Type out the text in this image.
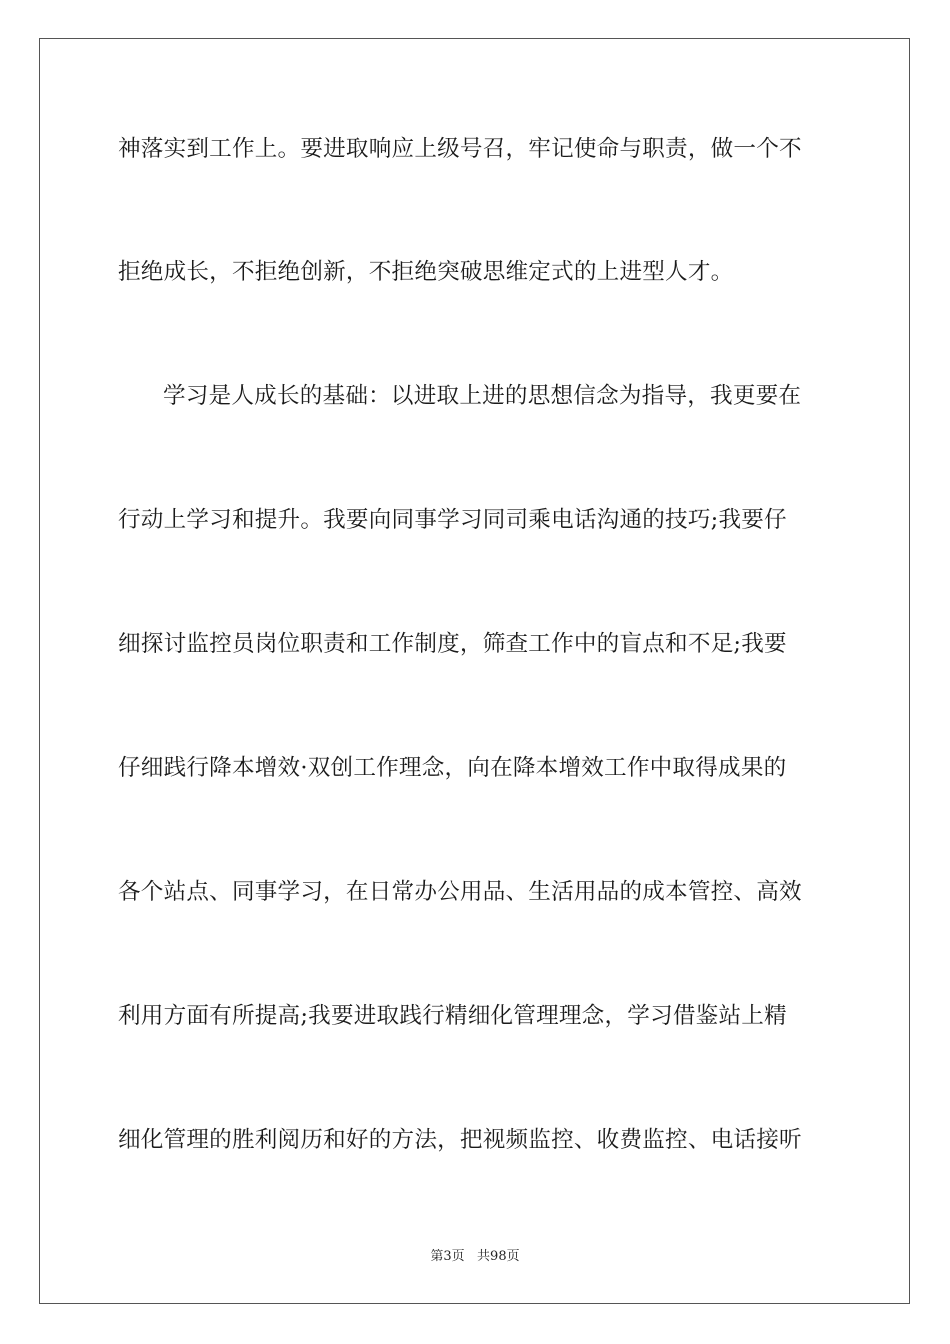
神落实到工作上。要进取响应上级号召，牢记使命与职责，做一个不
拒绝成长，不拒绝创新，不拒绝突破思维定式的上进型人才。
学习是人成长的基础：以进取上进的思想信念为指导，我更要在
行动上学习和提升。我要向同事学习同司乘电话沟通的技巧;我要仔
细探讨监控员岗位职责和工作制度，筛查工作中的盲点和不足;我要
仔细践行降本增效·双创工作理念，向在降本增效工作中取得成果的
各个站点、同事学习，在日常办公用品、生活用品的成本管控、高效
利用方面有所提高;我要进取践行精细化管理理念，学习借鉴站上精
细化管理的胜利阅历和好的方法，把视频监控、收费监控、电话接听
第3页   共98页
